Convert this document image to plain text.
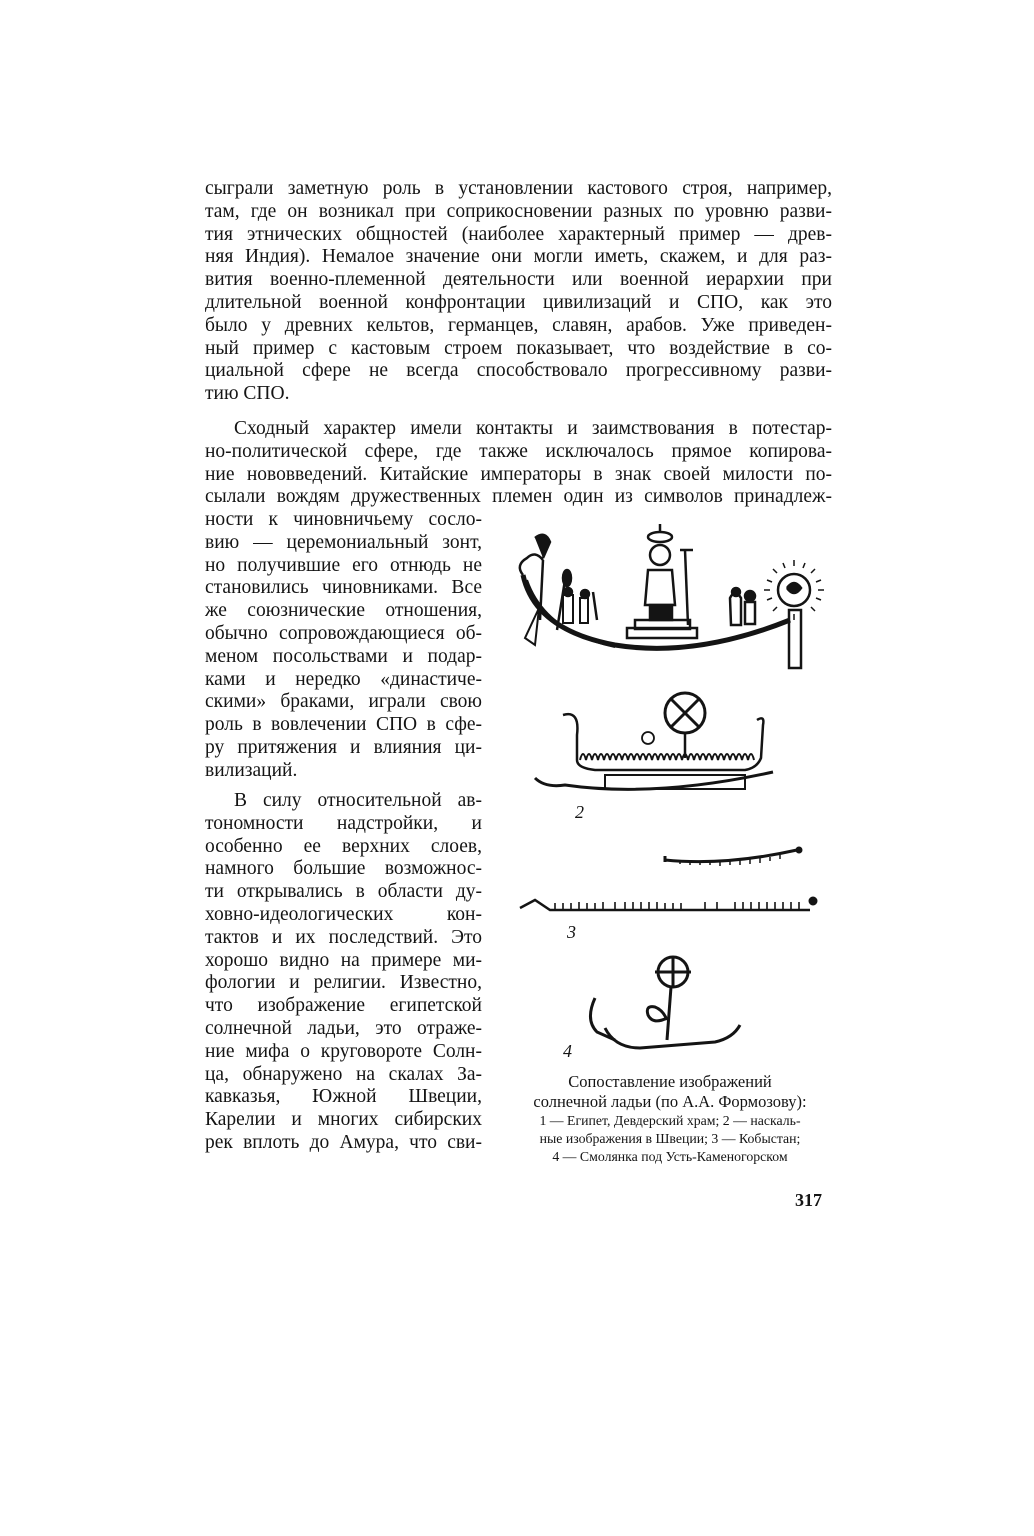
сыграли заметную роль в установлении кастового строя, например,
там, где он возникал при соприкосновении разных по уровню разви-
тия этнических общностей (наиболее характерный пример — древ-
няя Индия). Немалое значение они могли иметь, скажем, и для раз-
вития военно-племенной деятельности или военной иерархии при
длительной военной конфронтации цивилизаций и СПО, как это
было у древних кельтов, германцев, славян, арабов. Уже приведен-
ный пример с кастовым строем показывает, что воздействие в со-
циальной сфере не всегда способствовало прогрессивному разви-
тию СПО.
Сходный характер имели контакты и заимствования в потестар-
но-политической сфере, где также исключалось прямое копирова-
ние нововведений. Китайские императоры в знак своей милости по-
сылали вождям дружественных племен один из символов принадлеж-
ности к чиновничьему сосло-
вию — церемониальный зонт,
но получившие его отнюдь не
становились чиновниками. Все
же союзнические отношения,
обычно сопровождающиеся об-
меном посольствами и подар-
ками и нередко «династиче-
скими» браками, играли свою
роль в вовлечении СПО в сфе-
ру притяжения и влияния ци-
вилизаций.
В силу относительной ав-
тономности надстройки, и
особенно ее верхних слоев,
намного большие возможнос-
ти открывались в области ду-
ховно-идеологических кон-
тактов и их последствий. Это
хорошо видно на примере ми-
фологии и религии. Известно,
что изображение египетской
солнечной ладьи, это отраже-
ние мифа о круговороте Солн-
ца, обнаружено на скалах За-
кавказья, Южной Швеции,
Карелии и многих сибирских
рек вплоть до Амура, что сви-
2
3
4
Сопоставление изображений
солнечной ладьи (по А.А. Формозову):
1 — Египет, Девдерский храм; 2 — наскаль-
ные изображения в Швеции; 3 — Кобыстан;
4 — Смолянка под Усть-Каменогорском
317
